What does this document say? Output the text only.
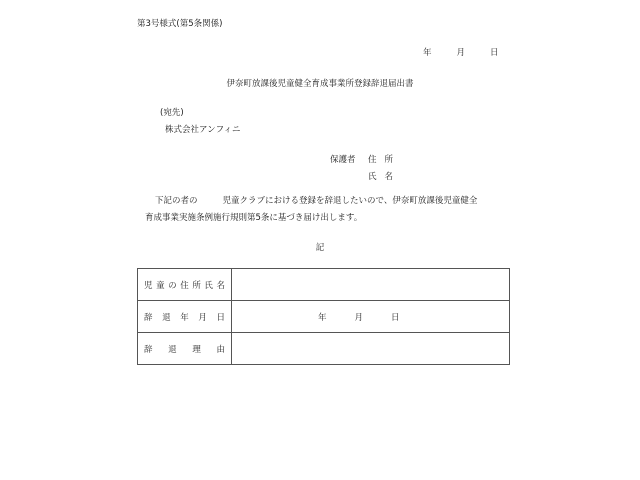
第3号様式(第5条関係)
年	月	日
伊奈町放課後児童健全育成事業所登録辞退届出書
(宛先)
株式会社アンフィニ
保護者 住所
氏名
下記の者の	児童クラブにおける登録を辞退したいので、伊奈町放課後児童健全
育成事業実施条例施行規則第5条に基づき届け出します。
記
児 童 の 住 所 氏 名

辞 退 年 月 日	年 月 日

辞 退 理 由	
